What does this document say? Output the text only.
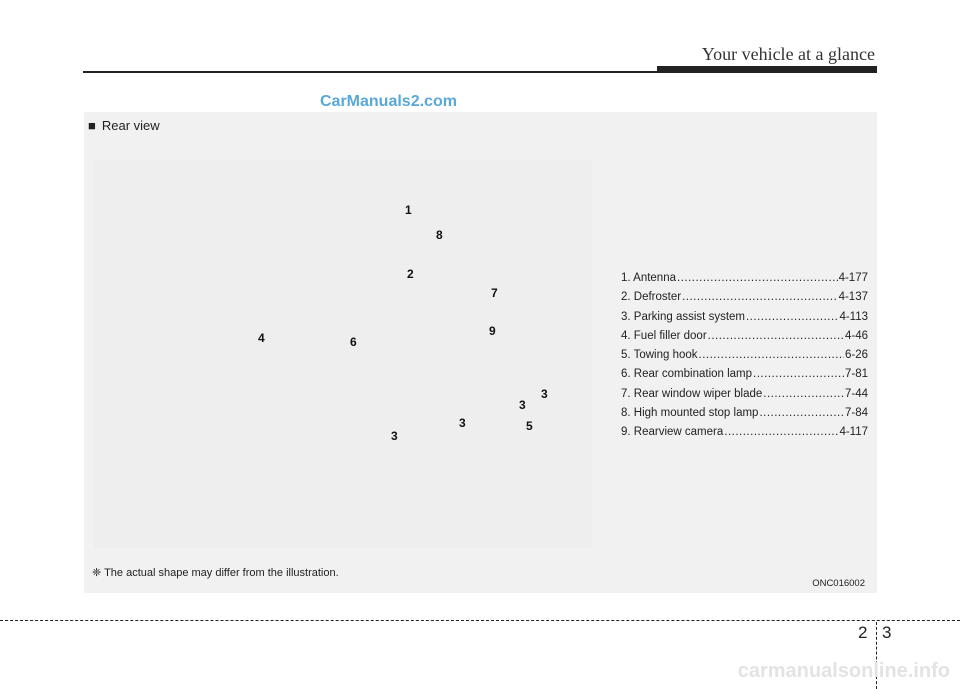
Your vehicle at a glance
CarManuals2.com
■ Rear view
1
8
2
7
9
4	6
3
3
5
3
3
1. Antenna .....	4-177
2. Defroster .....	4-137
3. Parking assist system .....	4-113
4. Fuel filler door .....	4-46
5. Towing hook .....	6-26
6. Rear combination lamp .....	7-81
7. Rear window wiper blade .....	7-44
8. High mounted stop lamp .....	7-84
9. Rearview camera .....	4-117
❈ The actual shape may differ from the illustration.
ONC016002
2 3
carmanualsonline.info
